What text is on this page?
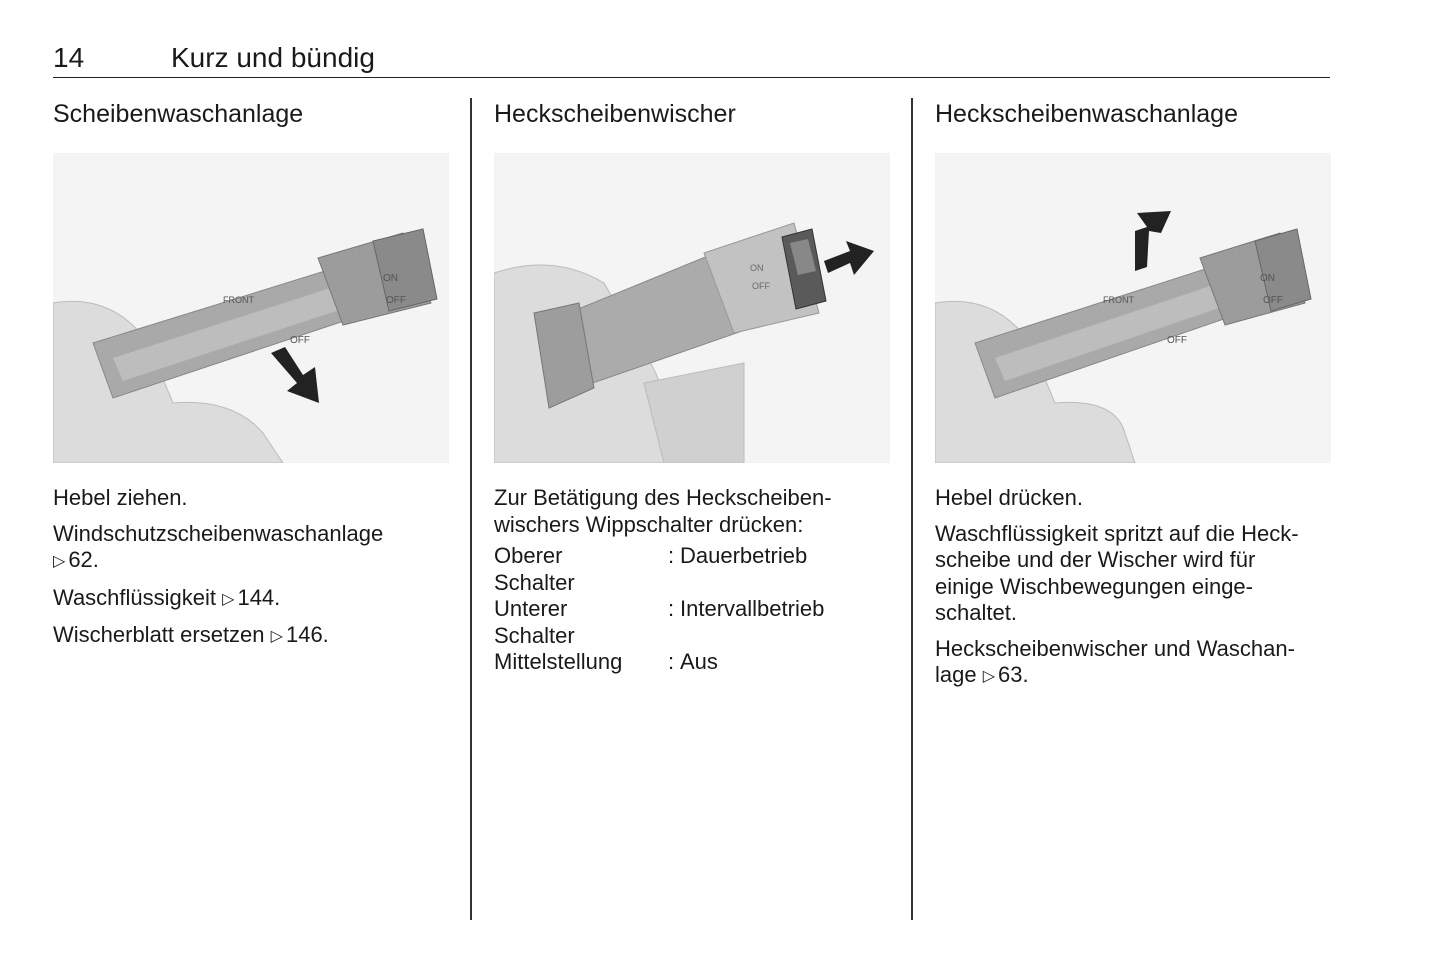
14	Kurz und bündig
Scheibenwaschanlage
FRONT
OFF
ON
OFF

Hebel ziehen.

Windschutzscheibenwaschanlage
▷ 62.

Waschflüssigkeit ▷ 144.

Wischerblatt ersetzen ▷ 146.

Heckscheibenwischer
ON
OFF

Zur Betätigung des Heckscheiben-
wischers Wippschalter drücken:

Oberer
Schalter	:	Dauerbetrieb
Unterer
Schalter	:	Intervallbetrieb
Mittelstellung	:	Aus
Heckscheibenwaschanlage
FRONT
OFF
ON
OFF

Hebel drücken.

Waschflüssigkeit spritzt auf die Heck-
scheibe und der Wischer wird für
einige Wischbewegungen einge-
schaltet.

Heckscheibenwischer und Waschan-
lage ▷ 63.
